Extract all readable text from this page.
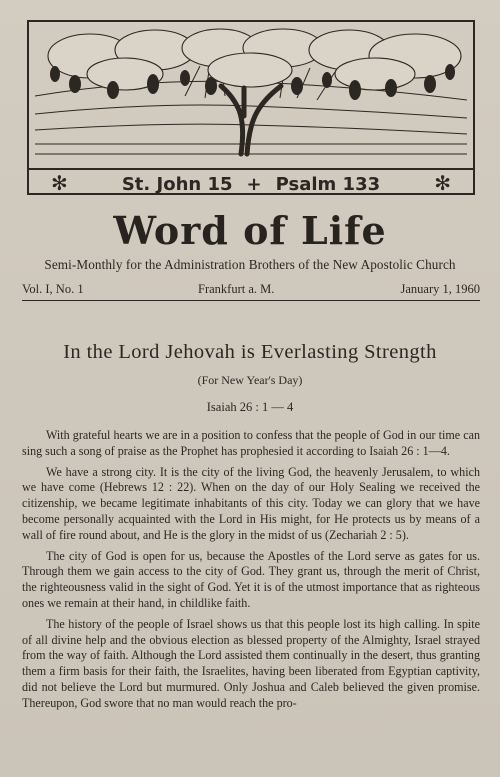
✻	St. John 15 + Psalm 133	✻
Word of Life
Semi-Monthly for the Administration Brothers of the New Apostolic Church
Vol. I, No. 1	Frankfurt a. M.	January 1, 1960
In the Lord Jehovah is Everlasting Strength
(For New Year's Day)
Isaiah 26 : 1 — 4

With grateful hearts we are in a position to confess that the people of God in our time can sing such a song of praise as the Prophet has prophesied it according to Isaiah 26 : 1—4.

We have a strong city. It is the city of the living God, the heavenly Jerusalem, to which we have come (Hebrews 12 : 22). When on the day of our Holy Sealing we received the citizenship, we became legitimate inhabitants of this city. Today we can glory that we have become personally acquainted with the Lord in His might, for He protects us by means of a wall of fire round about, and He is the glory in the midst of us (Zechariah 2 : 5).

The city of God is open for us, because the Apostles of the Lord serve as gates for us. Through them we gain access to the city of God. They grant us, through the merit of Christ, the righteousness valid in the sight of God. Yet it is of the utmost importance that as righteous ones we remain at their hand, in childlike faith.

The history of the people of Israel shows us that this people lost its high calling. In spite of all divine help and the obvious election as blessed property of the Almighty, Israel strayed from the way of faith. Although the Lord assisted them continually in the desert, thus granting them a firm basis for their faith, the Israelites, having been liberated from Egyptian captivity, did not believe the Lord but murmured. Only Joshua and Caleb believed the given promise. Thereupon, God swore that no man would reach the pro-
